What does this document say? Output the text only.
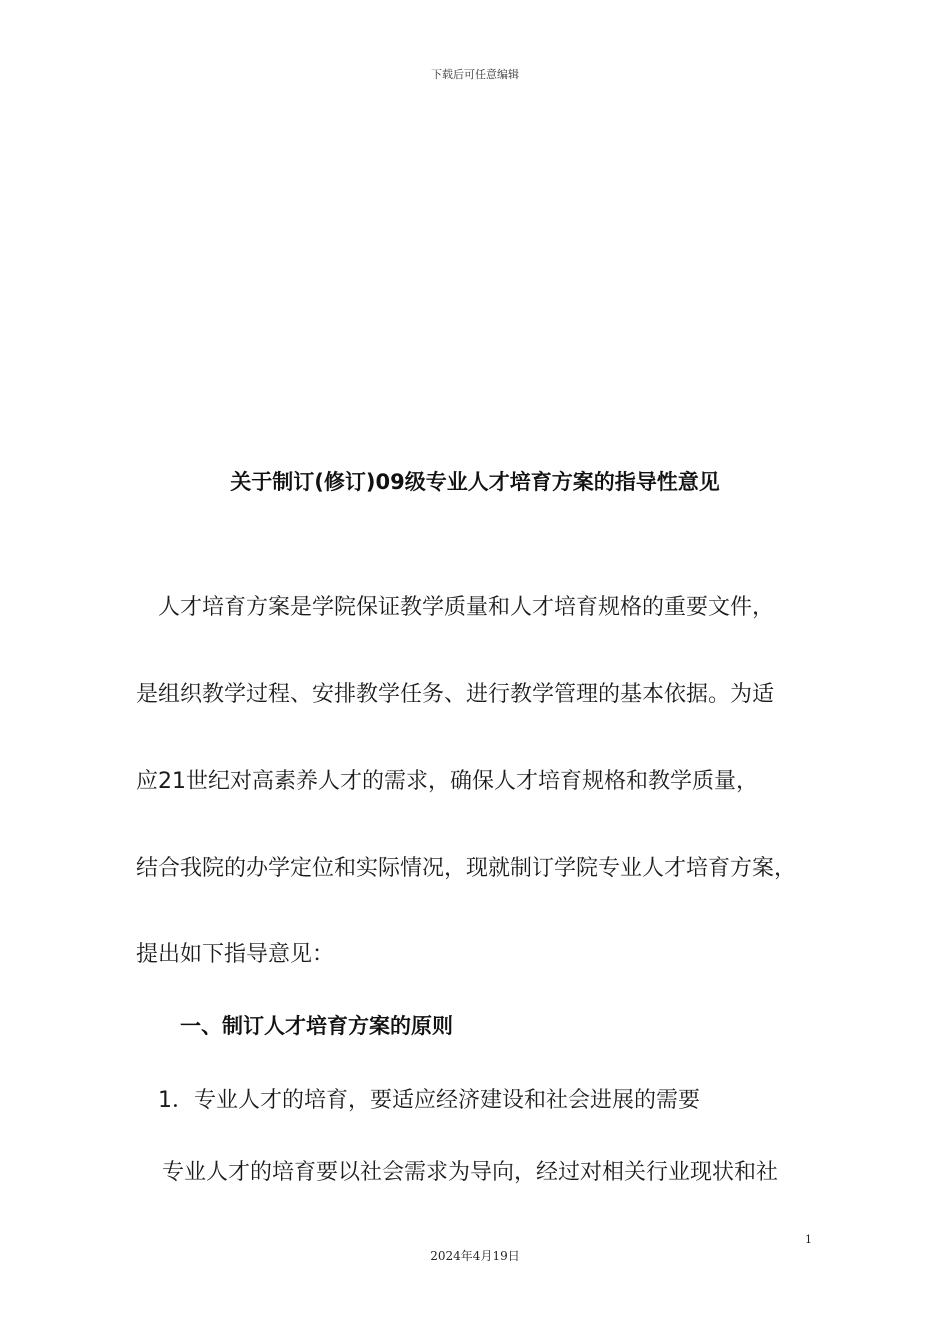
下载后可任意编辑
关于制订(修订)09级专业人才培育方案的指导性意见
人才培育方案是学院保证教学质量和人才培育规格的重要文件，
是组织教学过程、安排教学任务、进行教学管理的基本依据。为适
应21世纪对高素养人才的需求，确保人才培育规格和教学质量，
结合我院的办学定位和实际情况，现就制订学院专业人才培育方案，
提出如下指导意见：
一、制订人才培育方案的原则
1．专业人才的培育，要适应经济建设和社会进展的需要
专业人才的培育要以社会需求为导向，经过对相关行业现状和社
1
2024年4月19日
